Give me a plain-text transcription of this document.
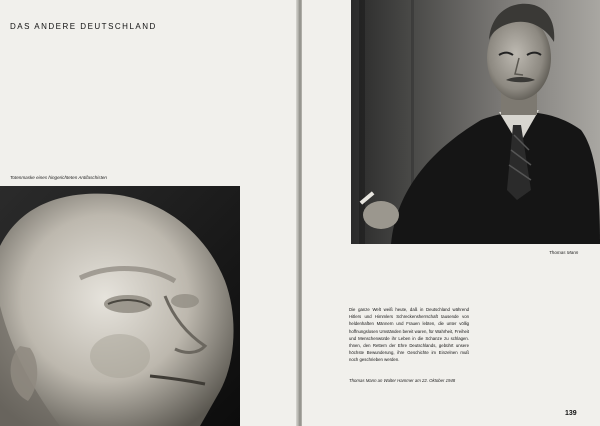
DAS ANDERE DEUTSCHLAND
Totenmaske eines hingerichteten Antifaschisten
Thomas Mann

Die ganze Welt weiß heute, daß in Deutschland während Hitlers und Himmlers Schreckensherrschaft tausende von heldenhaften Männern und Frauen lebten, die unter völlig hoffnungslosen Umständen bereit waren, für Wahrheit, Freiheit und Menschenwürde ihr Leben in die Schanze zu schlagen. Ihnen, den Rettern der Ehre Deutschlands, gebührt unsere höchste Bewunderung, ihre Geschichte im Einzelnen muß noch geschrieben werden.

Thomas Mann an Walter Hammer am 22. Oktober 1948
139
